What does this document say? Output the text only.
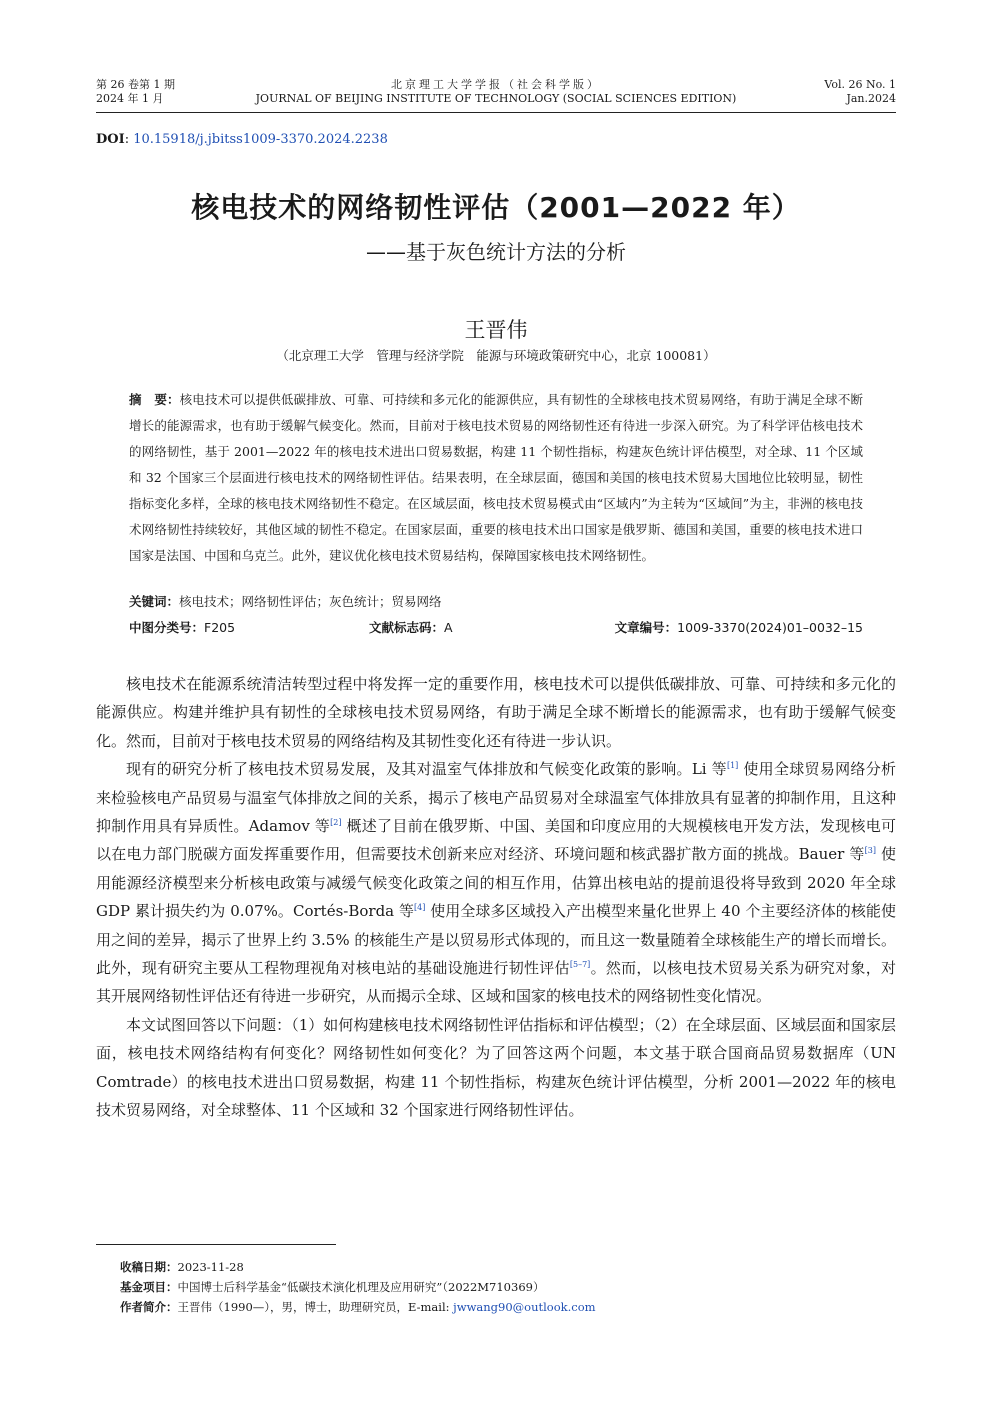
第 26 卷第 1 期
2024 年 1 月
北京理工大学学报（社会科学版）
JOURNAL OF BEIJING INSTITUTE OF TECHNOLOGY (SOCIAL SCIENCES EDITION)
Vol. 26 No. 1
Jan.2024
DOI: 10.15918/j.jbitss1009-3370.2024.2238
核电技术的网络韧性评估（2001—2022 年）
——基于灰色统计方法的分析
王晋伟
（北京理工大学　管理与经济学院　能源与环境政策研究中心，北京 100081）
摘　要：核电技术可以提供低碳排放、可靠、可持续和多元化的能源供应，具有韧性的全球核电技术贸易网络，有助于满足全球不断增长的能源需求，也有助于缓解气候变化。然而，目前对于核电技术贸易的网络韧性还有待进一步深入研究。为了科学评估核电技术的网络韧性，基于 2001—2022 年的核电技术进出口贸易数据，构建 11 个韧性指标，构建灰色统计评估模型，对全球、11 个区域和 32 个国家三个层面进行核电技术的网络韧性评估。结果表明，在全球层面，德国和美国的核电技术贸易大国地位比较明显，韧性指标变化多样，全球的核电技术网络韧性不稳定。在区域层面，核电技术贸易模式由“区域内”为主转为“区域间”为主，非洲的核电技术网络韧性持续较好，其他区域的韧性不稳定。在国家层面，重要的核电技术出口国家是俄罗斯、德国和美国，重要的核电技术进口国家是法国、中国和乌克兰。此外，建议优化核电技术贸易结构，保障国家核电技术网络韧性。
关键词：核电技术；网络韧性评估；灰色统计；贸易网络
中图分类号：F205	文献标志码：A	文章编号：1009-3370(2024)01–0032–15

核电技术在能源系统清洁转型过程中将发挥一定的重要作用，核电技术可以提供低碳排放、可靠、可持续和多元化的能源供应。构建并维护具有韧性的全球核电技术贸易网络，有助于满足全球不断增长的能源需求，也有助于缓解气候变化。然而，目前对于核电技术贸易的网络结构及其韧性变化还有待进一步认识。

现有的研究分析了核电技术贸易发展，及其对温室气体排放和气候变化政策的影响。Li 等[1] 使用全球贸易网络分析来检验核电产品贸易与温室气体排放之间的关系，揭示了核电产品贸易对全球温室气体排放具有显著的抑制作用，且这种抑制作用具有异质性。Adamov 等[2] 概述了目前在俄罗斯、中国、美国和印度应用的大规模核电开发方法，发现核电可以在电力部门脱碳方面发挥重要作用，但需要技术创新来应对经济、环境问题和核武器扩散方面的挑战。Bauer 等[3] 使用能源经济模型来分析核电政策与减缓气候变化政策之间的相互作用，估算出核电站的提前退役将导致到 2020 年全球 GDP 累计损失约为 0.07%。Cortés-Borda 等[4] 使用全球多区域投入产出模型来量化世界上 40 个主要经济体的核能使用之间的差异，揭示了世界上约 3.5% 的核能生产是以贸易形式体现的，而且这一数量随着全球核能生产的增长而增长。此外，现有研究主要从工程物理视角对核电站的基础设施进行韧性评估[5–7]。然而，以核电技术贸易关系为研究对象，对其开展网络韧性评估还有待进一步研究，从而揭示全球、区域和国家的核电技术的网络韧性变化情况。

本文试图回答以下问题：（1）如何构建核电技术网络韧性评估指标和评估模型；（2）在全球层面、区域层面和国家层面，核电技术网络结构有何变化？网络韧性如何变化？为了回答这两个问题，本文基于联合国商品贸易数据库（UN Comtrade）的核电技术进出口贸易数据，构建 11 个韧性指标，构建灰色统计评估模型，分析 2001—2022 年的核电技术贸易网络，对全球整体、11 个区域和 32 个国家进行网络韧性评估。

收稿日期：2023-11-28
基金项目：中国博士后科学基金“低碳技术演化机理及应用研究”（2022M710369）
作者简介：王晋伟（1990—），男，博士，助理研究员，E-mail: jwwang90@outlook.com
